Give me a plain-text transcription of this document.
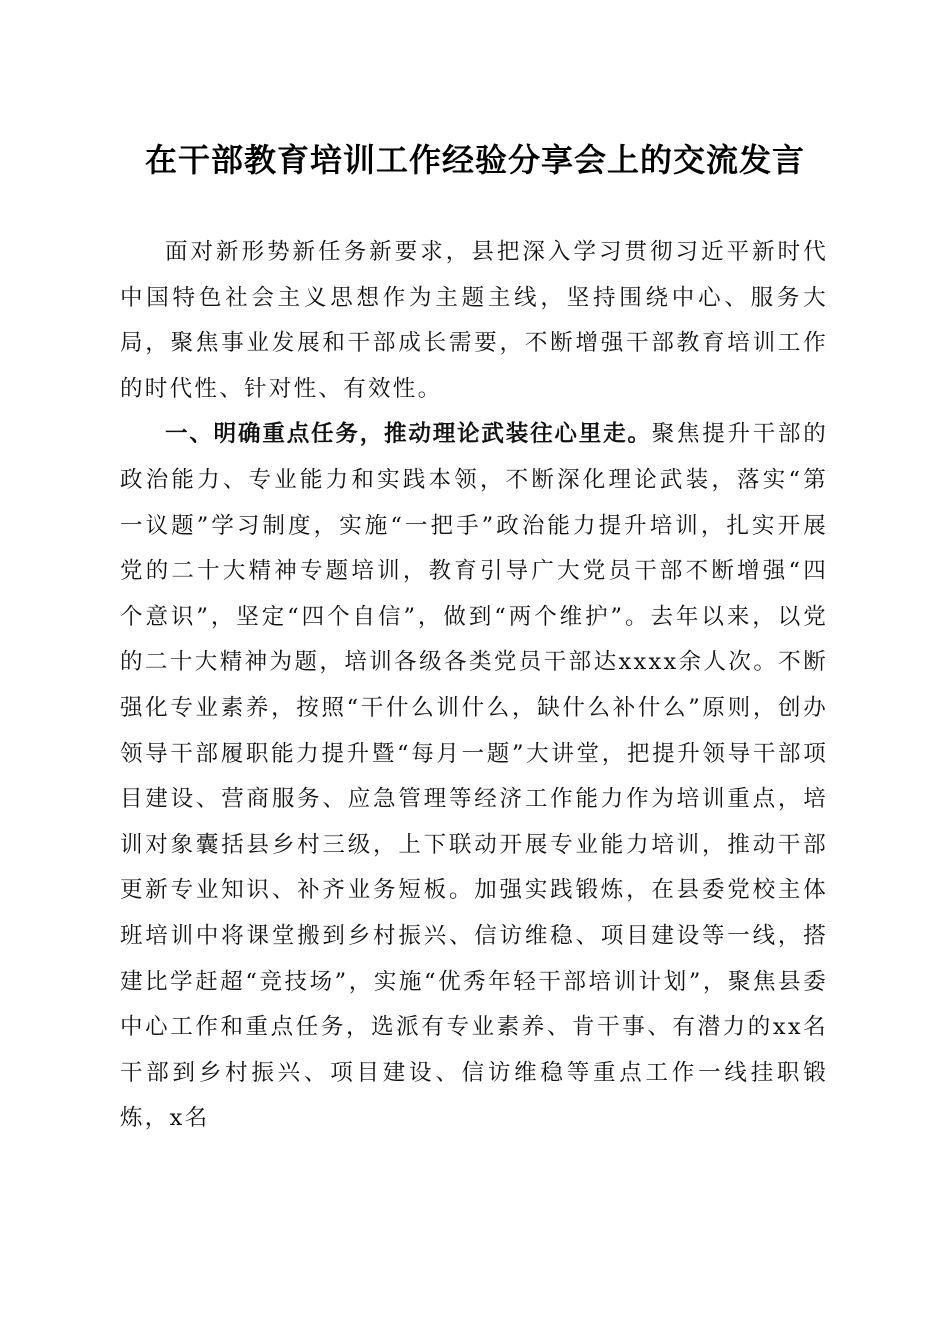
在干部教育培训工作经验分享会上的交流发言

面对新形势新任务新要求，县把深入学习贯彻习近平新时代中国特色社会主义思想作为主题主线，坚持围绕中心、服务大局，聚焦事业发展和干部成长需要，不断增强干部教育培训工作的时代性、针对性、有效性。

一、明确重点任务，推动理论武装往心里走。聚焦提升干部的政治能力、专业能力和实践本领，不断深化理论武装，落实“第一议题”学习制度，实施“一把手”政治能力提升培训，扎实开展党的二十大精神专题培训，教育引导广大党员干部不断增强“四个意识”，坚定“四个自信”，做到“两个维护”。去年以来，以党的二十大精神为题，培训各级各类党员干部达xxxx余人次。不断强化专业素养，按照“干什么训什么，缺什么补什么”原则，创办领导干部履职能力提升暨“每月一题”大讲堂，把提升领导干部项目建设、营商服务、应急管理等经济工作能力作为培训重点，培训对象囊括县乡村三级，上下联动开展专业能力培训，推动干部更新专业知识、补齐业务短板。加强实践锻炼，在县委党校主体班培训中将课堂搬到乡村振兴、信访维稳、项目建设等一线，搭建比学赶超“竞技场”，实施“优秀年轻干部培训计划”，聚焦县委中心工作和重点任务，选派有专业素养、肯干事、有潜力的xx名干部到乡村振兴、项目建设、信访维稳等重点工作一线挂职锻炼，x名
